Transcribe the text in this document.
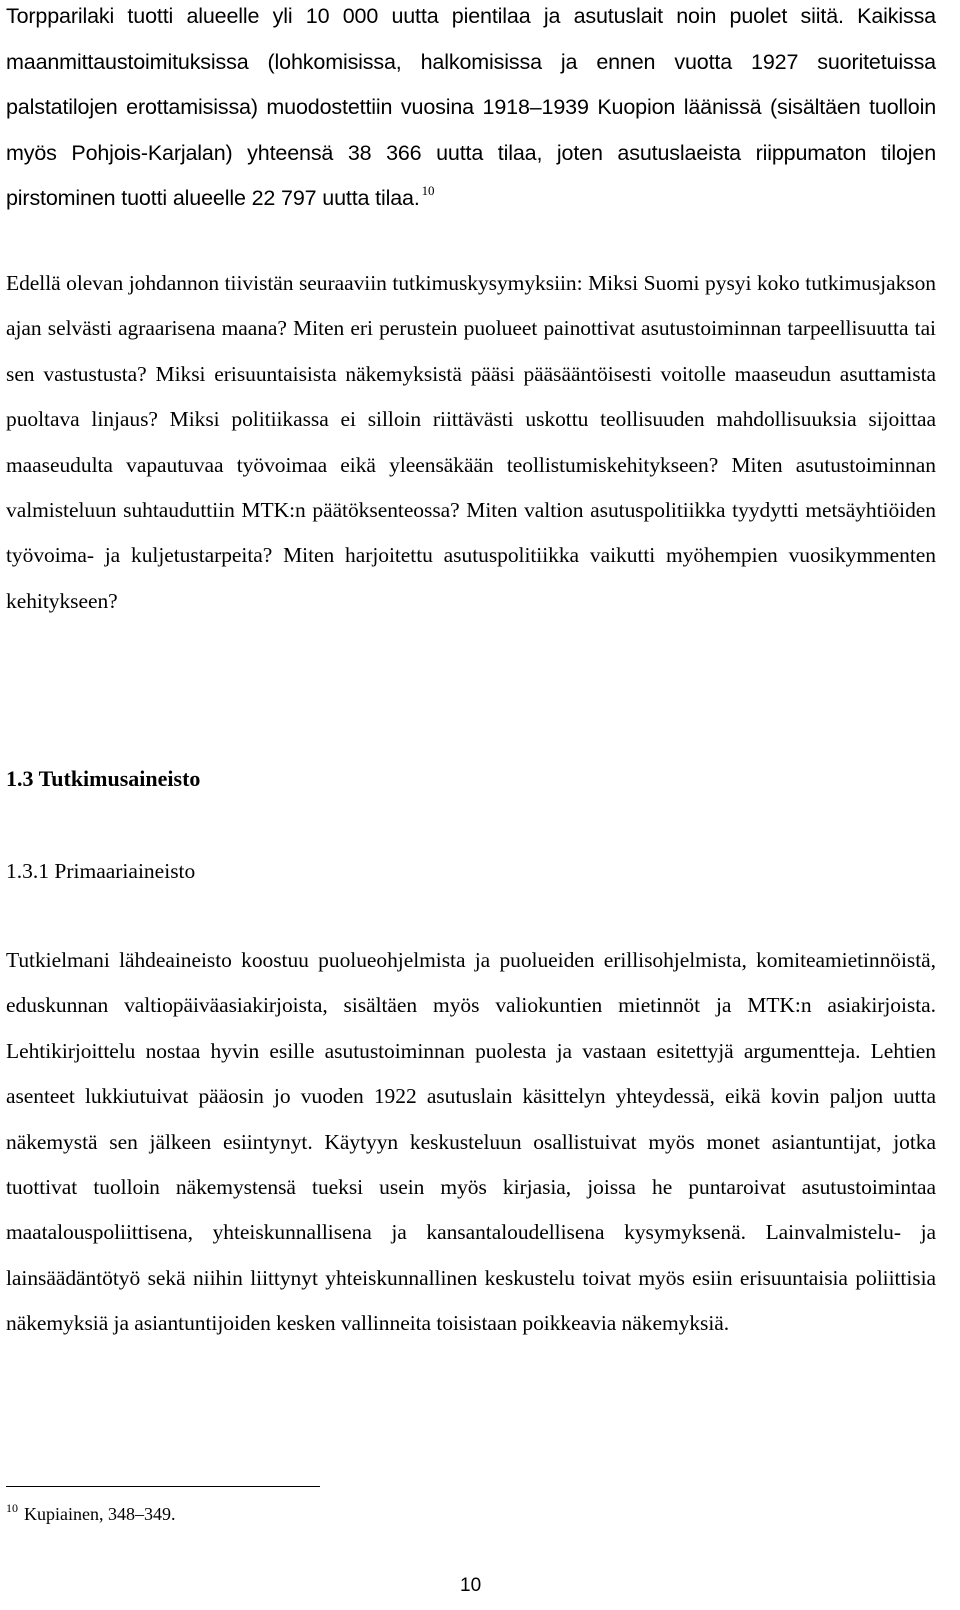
Torpparilaki tuotti alueelle yli 10 000 uutta pientilaa ja asutuslait noin puolet siitä. Kaikissa maanmittaustoimituksissa (lohkomisissa, halkomisissa ja ennen vuotta 1927 suoritetuissa palstatilojen erottamisissa) muodostettiin vuosina 1918–1939 Kuopion läänissä (sisältäen tuolloin myös Pohjois-Karjalan) yhteensä 38 366 uutta tilaa, joten asutuslaeista riippumaton tilojen pirstominen tuotti alueelle 22 797 uutta tilaa. $^{10}$

Edellä olevan johdannon tiivistän seuraaviin tutkimuskysymyksiin: Miksi Suomi pysyi koko tutkimusjakson ajan selvästi agraarisena maana? Miten eri perustein puolueet painottivat asutustoiminnan tarpeellisuutta tai sen vastustusta? Miksi erisuuntaisista näkemyksistä pääsi pääsääntöisesti voitolle maaseudun asuttamista puoltava linjaus? Miksi politiikassa ei silloin riittävästi uskottu teollisuuden mahdollisuuksia sijoittaa maaseudulta vapautuvaa työvoimaa eikä yleensäkään teollistumiskehitykseen? Miten asutustoiminnan valmisteluun suhtauduttiin MTK:n päätöksenteossa? Miten valtion asutuspolitiikka tyydytti metsäyhtiöiden työvoima- ja kuljetustarpeita? Miten harjoitettu asutuspolitiikka vaikutti myöhempien vuosikymmenten kehitykseen?

1.3 Tutkimusaineisto
1.3.1 Primaariaineisto

Tutkielmani lähdeaineisto koostuu puolueohjelmista ja puolueiden erillisohjelmista, komiteamietinnöistä, eduskunnan valtiopäiväasiakirjoista, sisältäen myös valiokuntien mietinnöt ja MTK:n asiakirjoista. Lehtikirjoittelu nostaa hyvin esille asutustoiminnan puolesta ja vastaan esitettyjä argumentteja. Lehtien asenteet lukkiutuivat pääosin jo vuoden 1922 asutuslain käsittelyn yhteydessä, eikä kovin paljon uutta näkemystä sen jälkeen esiintynyt. Käytyyn keskusteluun osallistuivat myös monet asiantuntijat, jotka tuottivat tuolloin näkemystensä tueksi usein myös kirjasia, joissa he puntaroivat asutustoimintaa maatalouspoliittisena, yhteiskunnallisena ja kansantaloudellisena kysymyksenä. Lainvalmistelu- ja lainsäädäntötyö sekä niihin liittynyt yhteiskunnallinen keskustelu toivat myös esiin erisuuntaisia poliittisia näkemyksiä ja asiantuntijoiden kesken vallinneita toisistaan poikkeavia näkemyksiä.

$^{10}$ Kupiainen, 348–349.
10
